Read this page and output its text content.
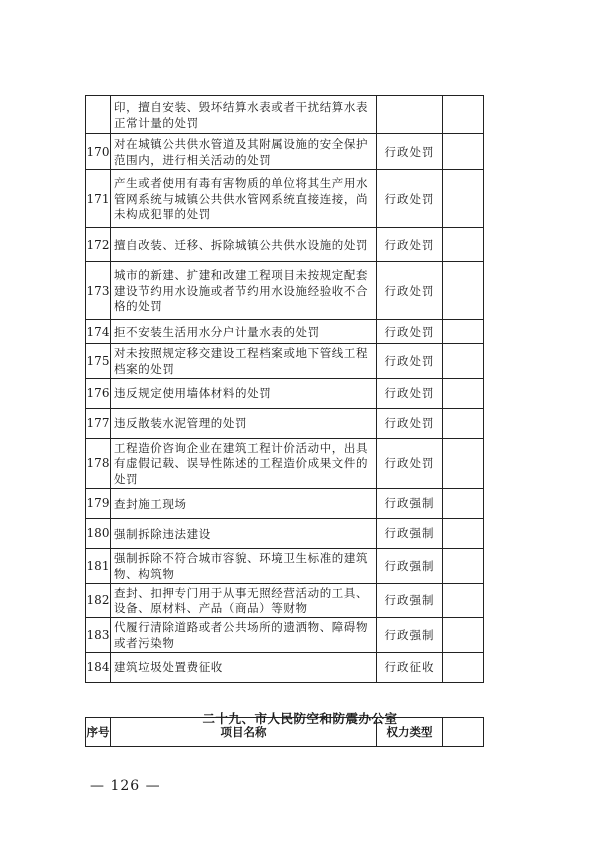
	印，擅自安装、毁坏结算水表或者干扰结算水表正常计量的处罚		
170	对在城镇公共供水管道及其附属设施的安全保护范围内，进行相关活动的处罚	行政处罚	
171	产生或者使用有毒有害物质的单位将其生产用水管网系统与城镇公共供水管网系统直接连接，尚未构成犯罪的处罚	行政处罚	
172	擅自改装、迁移、拆除城镇公共供水设施的处罚	行政处罚	
173	城市的新建、扩建和改建工程项目未按规定配套建设节约用水设施或者节约用水设施经验收不合格的处罚	行政处罚	
174	拒不安装生活用水分户计量水表的处罚	行政处罚	
175	对未按照规定移交建设工程档案或地下管线工程档案的处罚	行政处罚	
176	违反规定使用墙体材料的处罚	行政处罚	
177	违反散装水泥管理的处罚	行政处罚	
178	工程造价咨询企业在建筑工程计价活动中，出具有虚假记载、误导性陈述的工程造价成果文件的处罚	行政处罚	
179	查封施工现场	行政强制	
180	强制拆除违法建设	行政强制	
181	强制拆除不符合城市容貌、环境卫生标准的建筑物、构筑物	行政强制	
182	查封、扣押专门用于从事无照经营活动的工具、设备、原材料、产品（商品）等财物	行政强制	
183	代履行清除道路或者公共场所的遗洒物、障碍物或者污染物	行政强制	
184	建筑垃圾处置费征收	行政征收	
二十九、市人民防空和防震办公室
序号	项目名称	权力类型	
— 126 —
